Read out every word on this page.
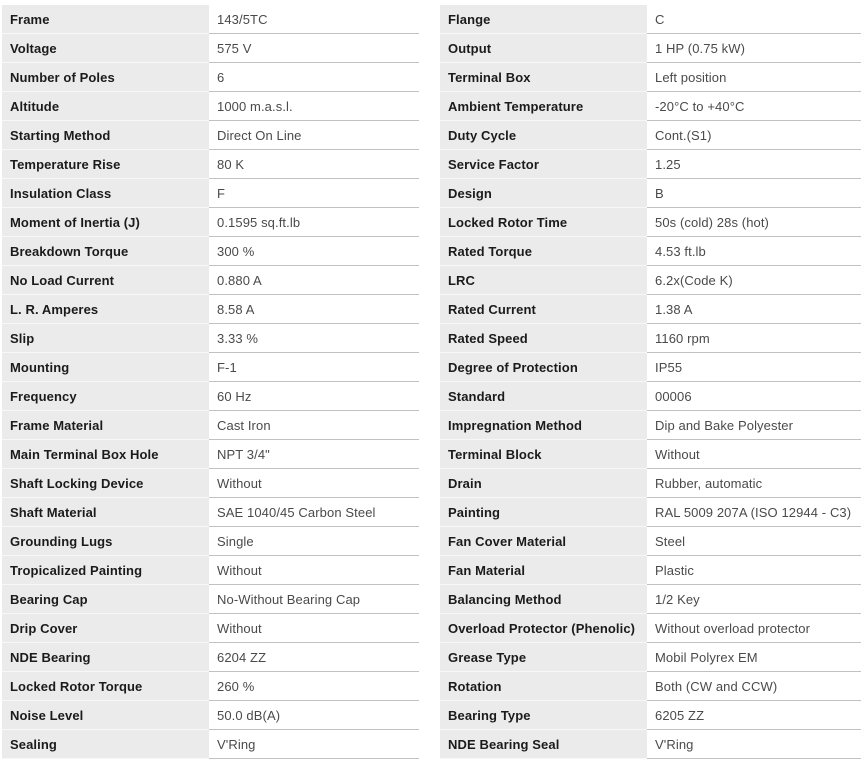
Frame	143/5TC
Voltage	575 V
Number of Poles	6
Altitude	1000 m.a.s.l.
Starting Method	Direct On Line
Temperature Rise	80 K
Insulation Class	F
Moment of Inertia (J)	0.1595 sq.ft.lb
Breakdown Torque	300 %
No Load Current	0.880 A
L. R. Amperes	8.58 A
Slip	3.33 %
Mounting	F-1
Frequency	60 Hz
Frame Material	Cast Iron
Main Terminal Box Hole	NPT 3/4"
Shaft Locking Device	Without
Shaft Material	SAE 1040/45 Carbon Steel
Grounding Lugs	Single
Tropicalized Painting	Without
Bearing Cap	No-Without Bearing Cap
Drip Cover	Without
NDE Bearing	6204 ZZ
Locked Rotor Torque	260 %
Noise Level	50.0 dB(A)
Sealing	V'Ring
Flange	C
Output	1 HP (0.75 kW)
Terminal Box	Left position
Ambient Temperature	-20°C to +40°C
Duty Cycle	Cont.(S1)
Service Factor	1.25
Design	B
Locked Rotor Time	50s (cold) 28s (hot)
Rated Torque	4.53 ft.lb
LRC	6.2x(Code K)
Rated Current	1.38 A
Rated Speed	1160 rpm
Degree of Protection	IP55
Standard	00006
Impregnation Method	Dip and Bake Polyester
Terminal Block	Without
Drain	Rubber, automatic
Painting	RAL 5009 207A (ISO 12944 - C3)
Fan Cover Material	Steel
Fan Material	Plastic
Balancing Method	1/2 Key
Overload Protector (Phenolic)	Without overload protector
Grease Type	Mobil Polyrex EM
Rotation	Both (CW and CCW)
Bearing Type	6205 ZZ
NDE Bearing Seal	V'Ring
